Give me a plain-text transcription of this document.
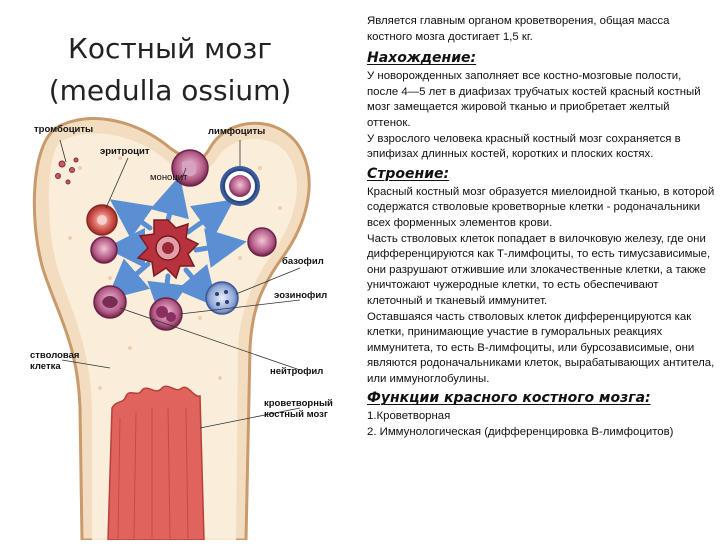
Костный мозг
(medulla ossium)
тромбоциты
эритроцит
лимфоциты
моноцит
базофил
эозинофил
стволовая
клетка	нейтрофил
кроветворный
костный мозг

Является главным органом кроветворения, общая масса костного мозга достигает 1,5 кг.

Нахождение:

У новорожденных заполняет все костно-мозговые полости, после 4—5 лет в диафизах трубчатых костей красный костный мозг замещается жировой тканью и приобретает желтый оттенок.

У взрослого человека красный костный мозг сохраняется в эпифизах длинных костей, коротких и плоских костях.

Строение:

Красный костный мозг образуется миелоидной тканью, в которой содержатся стволовые кроветворные клетки - родоначальники всех форменных элементов крови.

Часть стволовых клеток попадает в вилочковую железу, где они дифференцируются как Т-лимфоциты, то есть тимусзависимые, они разрушают отжившие или злокачественные клетки, а также уничтожают чужеродные клетки, то есть обеспечивают клеточный и тканевый иммунитет.

Оставшаяся часть стволовых клеток дифференцируются как клетки, принимающие участие в гуморальных реакциях иммунитета, то есть В-лимфоциты, или бурсозависимые, они являются родоначальниками клеток, вырабатывающих антитела, или иммуноглобулины.

Функции красного костного мозга:

1.Кроветворная

2. Иммунологическая (дифференцировка В-лимфоцитов)
